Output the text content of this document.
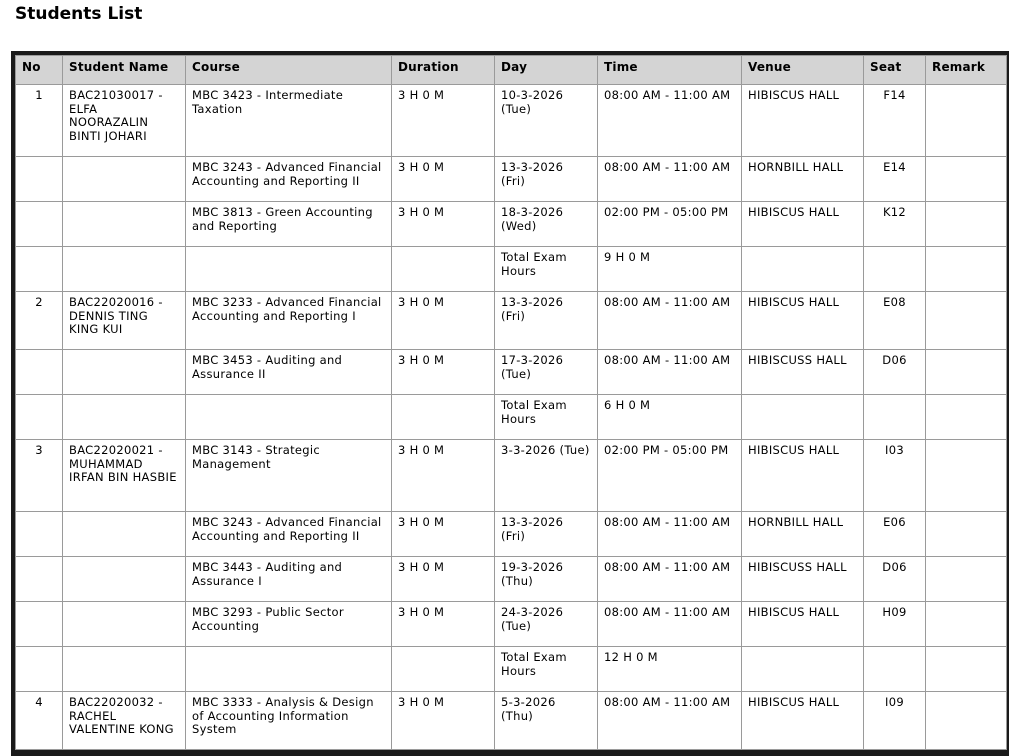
Students List
No	Student Name	Course	Duration	Day	Time	Venue	Seat	Remark
1	BAC21030017 - ELFA NOORAZALIN BINTI JOHARI	MBC 3423 - Intermediate Taxation	3 H 0 M	10-3-2026 (Tue)	08:00 AM - 11:00 AM	HIBISCUS HALL	F14	
		MBC 3243 - Advanced Financial Accounting and Reporting II	3 H 0 M	13-3-2026 (Fri)	08:00 AM - 11:00 AM	HORNBILL HALL	E14	
		MBC 3813 - Green Accounting and Reporting	3 H 0 M	18-3-2026 (Wed)	02:00 PM - 05:00 PM	HIBISCUS HALL	K12	
				Total Exam Hours	9 H 0 M			
2	BAC22020016 - DENNIS TING KING KUI	MBC 3233 - Advanced Financial Accounting and Reporting I	3 H 0 M	13-3-2026 (Fri)	08:00 AM - 11:00 AM	HIBISCUS HALL	E08	
		MBC 3453 - Auditing and Assurance II	3 H 0 M	17-3-2026 (Tue)	08:00 AM - 11:00 AM	HIBISCUSS HALL	D06	
				Total Exam Hours	6 H 0 M			
3	BAC22020021 - MUHAMMAD IRFAN BIN HASBIE	MBC 3143 - Strategic Management	3 H 0 M	3-3-2026 (Tue)	02:00 PM - 05:00 PM	HIBISCUS HALL	I03	
		MBC 3243 - Advanced Financial Accounting and Reporting II	3 H 0 M	13-3-2026 (Fri)	08:00 AM - 11:00 AM	HORNBILL HALL	E06	
		MBC 3443 - Auditing and Assurance I	3 H 0 M	19-3-2026 (Thu)	08:00 AM - 11:00 AM	HIBISCUSS HALL	D06	
		MBC 3293 - Public Sector Accounting	3 H 0 M	24-3-2026 (Tue)	08:00 AM - 11:00 AM	HIBISCUS HALL	H09	
				Total Exam Hours	12 H 0 M			
4	BAC22020032 - RACHEL VALENTINE KONG	MBC 3333 - Analysis & Design of Accounting Information System	3 H 0 M	5-3-2026 (Thu)	08:00 AM - 11:00 AM	HIBISCUS HALL	I09	
